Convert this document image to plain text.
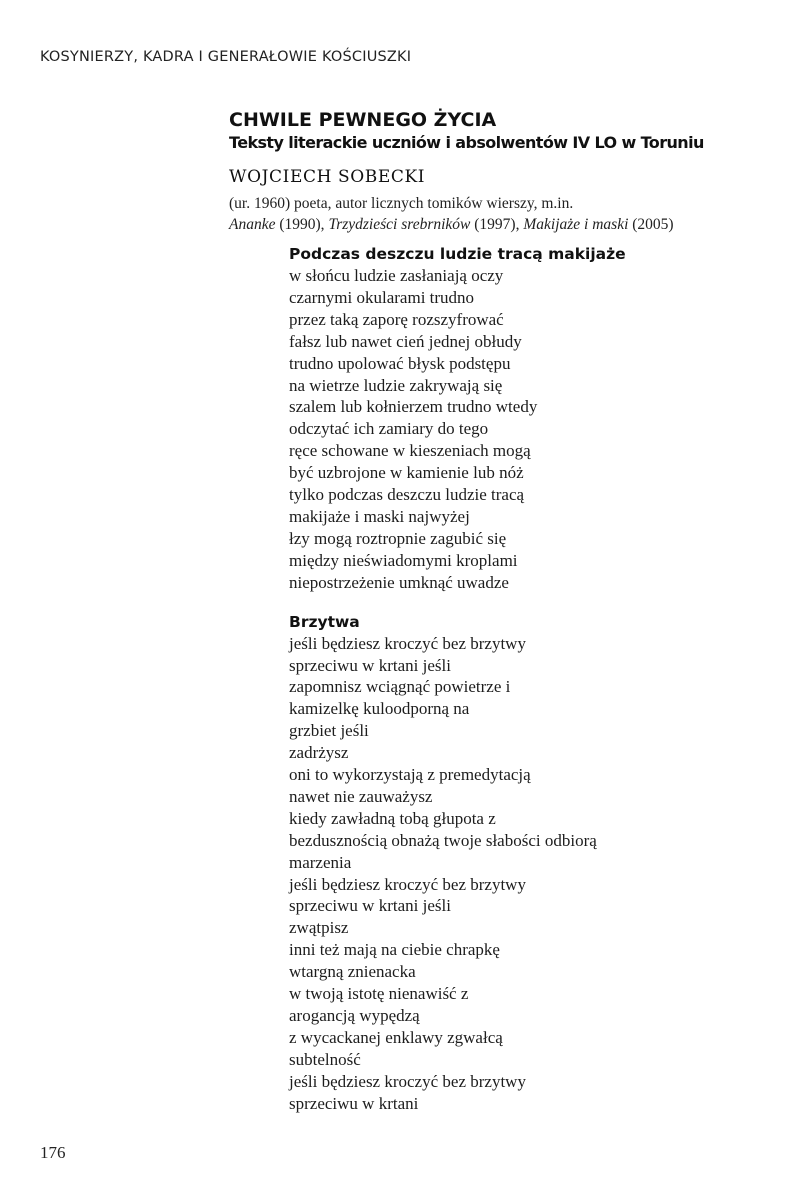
KOSYNIERZY, KADRA I GENERAŁOWIE KOŚCIUSZKI
CHWILE PEWNEGO ŻYCIA
Teksty literackie uczniów i absolwentów IV LO w Toruniu
WOJCIECH SOBECKI
(ur. 1960) poeta, autor licznych tomików wierszy, m.in.
Ananke (1990), Trzydzieści srebrników (1997), Makijaże i maski (2005)
Podczas deszczu ludzie tracą makijaże
w słońcu ludzie zasłaniają oczy
czarnymi okularami trudno
przez taką zaporę rozszyfrować
fałsz lub nawet cień jednej obłudy
trudno upolować błysk podstępu
na wietrze ludzie zakrywają się
szalem lub kołnierzem trudno wtedy
odczytać ich zamiary do tego
ręce schowane w kieszeniach mogą
być uzbrojone w kamienie lub nóż
tylko podczas deszczu ludzie tracą
makijaże i maski najwyżej
łzy mogą roztropnie zagubić się
między nieświadomymi kroplami
niepostrzeżenie umknąć uwadze
Brzytwa
jeśli będziesz kroczyć bez brzytwy
sprzeciwu w krtani jeśli
zapomnisz wciągnąć powietrze i
kamizelkę kuloodporną na
grzbiet jeśli
zadrżysz
oni to wykorzystają z premedytacją
nawet nie zauważysz
kiedy zawładną tobą głupota z
bezdusznością obnażą twoje słabości odbiorą
marzenia
jeśli będziesz kroczyć bez brzytwy
sprzeciwu w krtani jeśli
zwątpisz
inni też mają na ciebie chrapkę
wtargną znienacka
w twoją istotę nienawiść z
arogancją wypędzą
z wycackanej enklawy zgwałcą
subtelność
jeśli będziesz kroczyć bez brzytwy
sprzeciwu w krtani
176
